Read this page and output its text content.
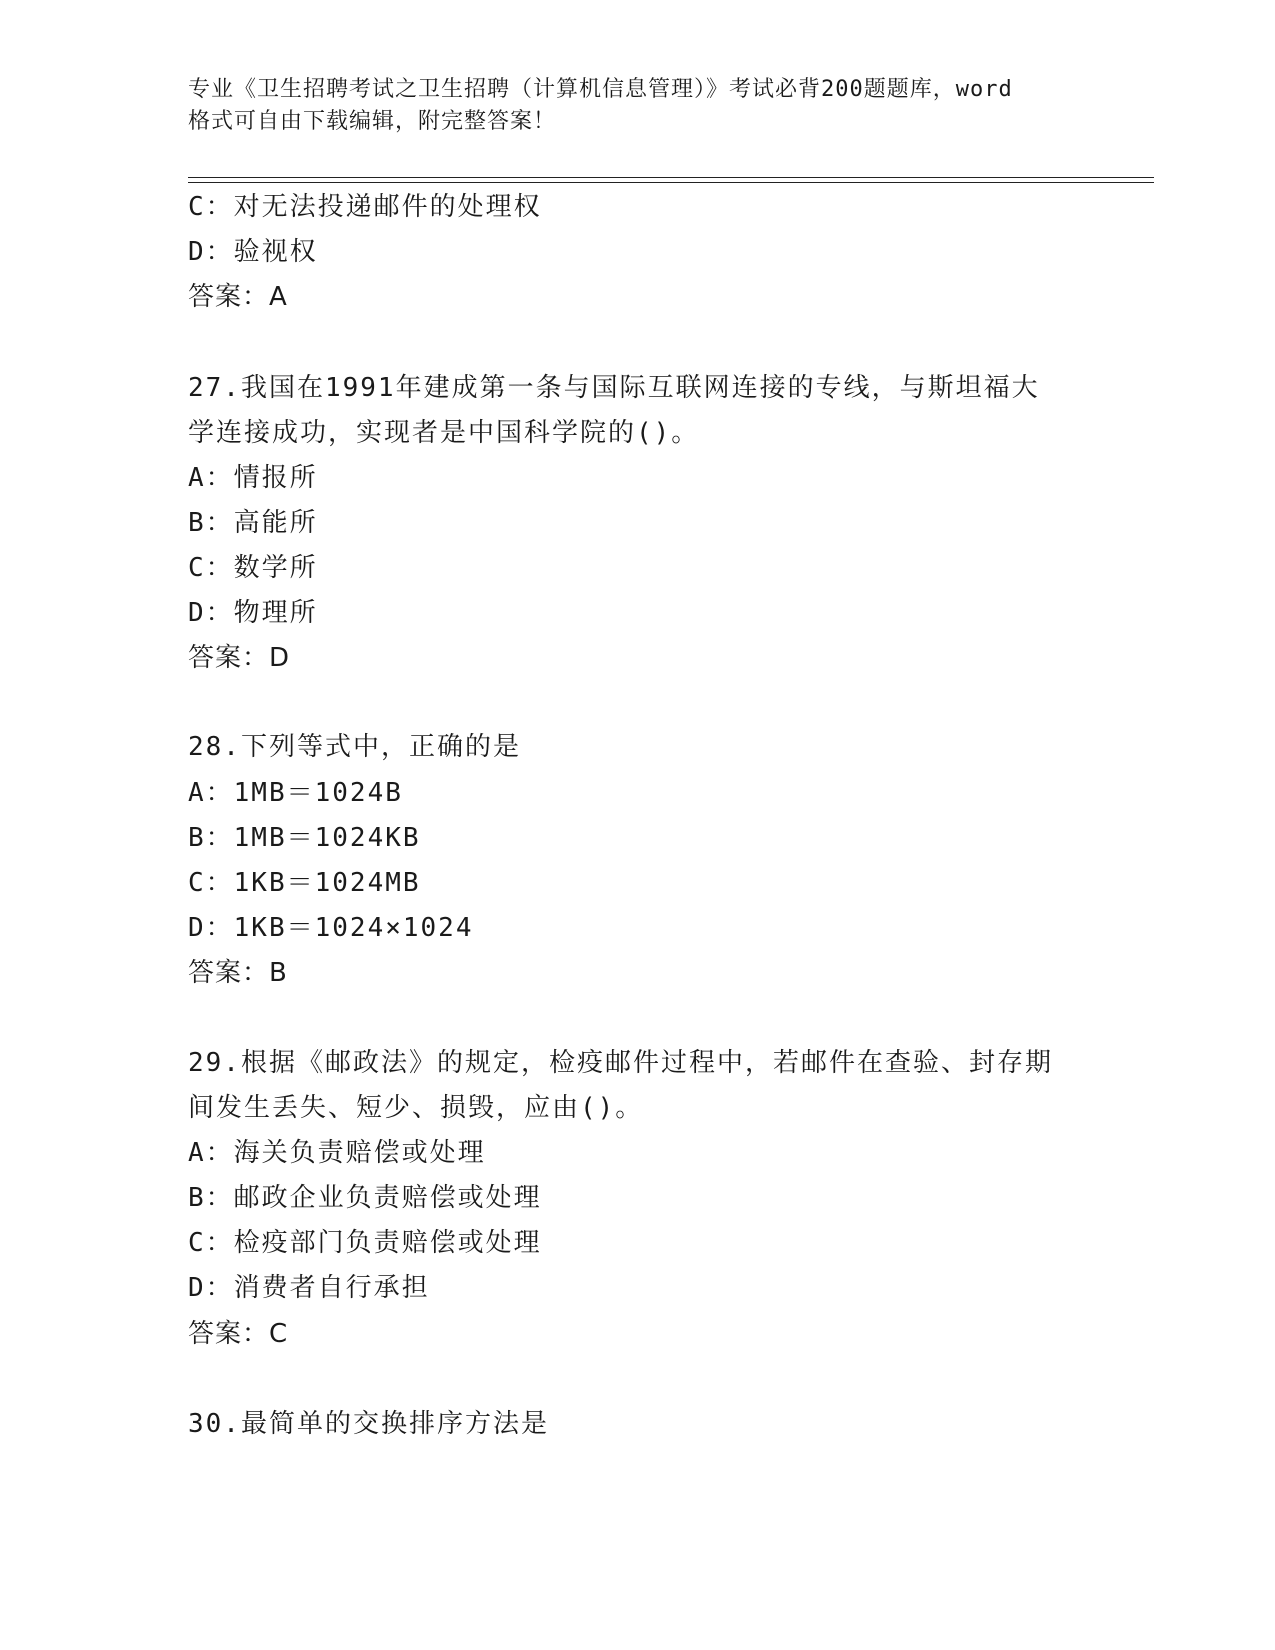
专业《卫生招聘考试之卫生招聘（计算机信息管理）》考试必背200题题库，word
格式可自由下载编辑，附完整答案！
C：对无法投递邮件的处理权
D：验视权
答案：A
27.我国在1991年建成第一条与国际互联网连接的专线，与斯坦福大
学连接成功，实现者是中国科学院的()。
A：情报所
B：高能所
C：数学所
D：物理所
答案：D
28.下列等式中，正确的是
A：1MB＝1024B
B：1MB＝1024KB
C：1KB＝1024MB
D：1KB＝1024×1024
答案：B
29.根据《邮政法》的规定，检疫邮件过程中，若邮件在查验、封存期
间发生丢失、短少、损毁，应由()。
A：海关负责赔偿或处理
B：邮政企业负责赔偿或处理
C：检疫部门负责赔偿或处理
D：消费者自行承担
答案：C
30.最简单的交换排序方法是
